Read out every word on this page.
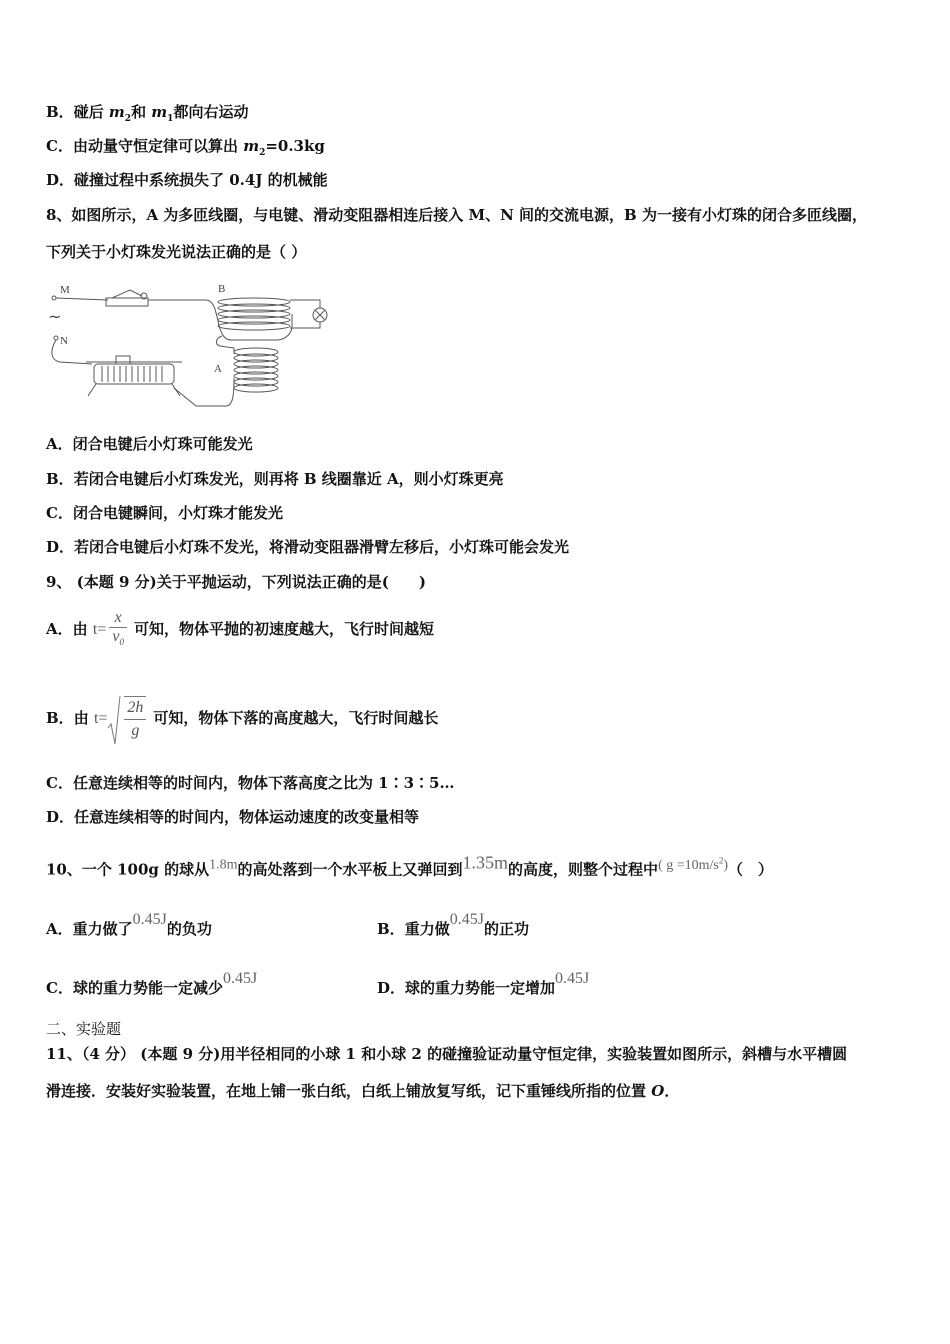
B．碰后 $m_2$和 $m_1$都向右运动
C．由动量守恒定律可以算出 $m_2=0.3kg$
D．碰撞过程中系统损失了 0.4J 的机械能
8、如图所示，A 为多匝线圈，与电键、滑动变阻器相连后接入 M、N 间的交流电源，B 为一接有小灯珠的闭合多匝线圈，
下列关于小灯珠发光说法正确的是（ ）
M
N
~
B
A
A．闭合电键后小灯珠可能发光
B．若闭合电键后小灯珠发光，则再将 B 线圈靠近 A，则小灯珠更亮
C．闭合电键瞬间，小灯珠才能发光
D．若闭合电键后小灯珠不发光，将滑动变阻器滑臂左移后，小灯珠可能会发光
9、 (本题 9 分)关于平抛运动，下列说法正确的是(　　)
A．由 $t= \frac{x}{v_0}$ 可知，物体平抛的初速度越大，飞行时间越短
B．由 $t= \frac{2h}{g}$ 可知，物体下落的高度越大，飞行时间越长
C．任意连续相等的时间内，物体下落高度之比为 1∶3∶5…
D．任意连续相等的时间内，物体运动速度的改变量相等
10、一个 100g 的球从1.8m的高处落到一个水平板上又弹回到1.35m的高度，则整个过程中( $g =10m/s^2$)（　）
A．重力做了0.45J的负功	B．重力做0.45J的正功
C．球的重力势能一定减少0.45J
D．球的重力势能一定增加0.45J
二、实验题
11、（4 分） (本题 9 分)用半径相同的小球 1 和小球 2 的碰撞验证动量守恒定律，实验装置如图所示，斜槽与水平槽圆
滑连接．安装好实验装置，在地上铺一张白纸，白纸上铺放复写纸，记下重锤线所指的位置 O．
